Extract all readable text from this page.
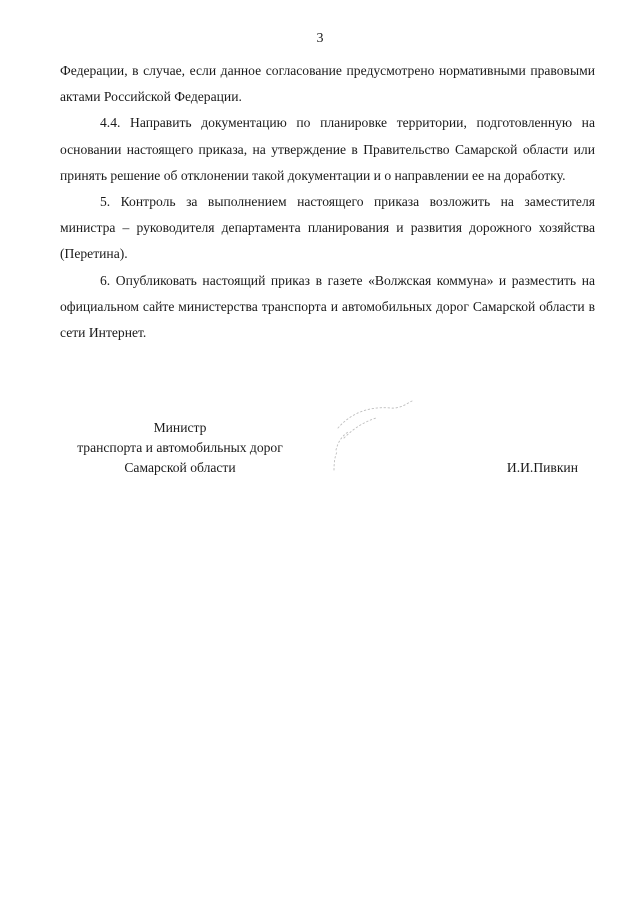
3

Федерации, в случае, если данное согласование предусмотрено нормативными правовыми актами Российской Федерации.

4.4. Направить документацию по планировке территории, подготовленную на основании настоящего приказа, на утверждение в Правительство Самарской области или принять решение об отклонении такой документации и о направлении ее на доработку.

5. Контроль за выполнением настоящего приказа возложить на заместителя министра – руководителя департамента планирования и развития дорожного хозяйства (Перетина).

6. Опубликовать настоящий приказ в газете «Волжская коммуна» и разместить на официальном сайте министерства транспорта и автомобильных дорог Самарской области в сети Интернет.

Министр
транспорта и автомобильных дорог
Самарской области	И.И.Пивкин
